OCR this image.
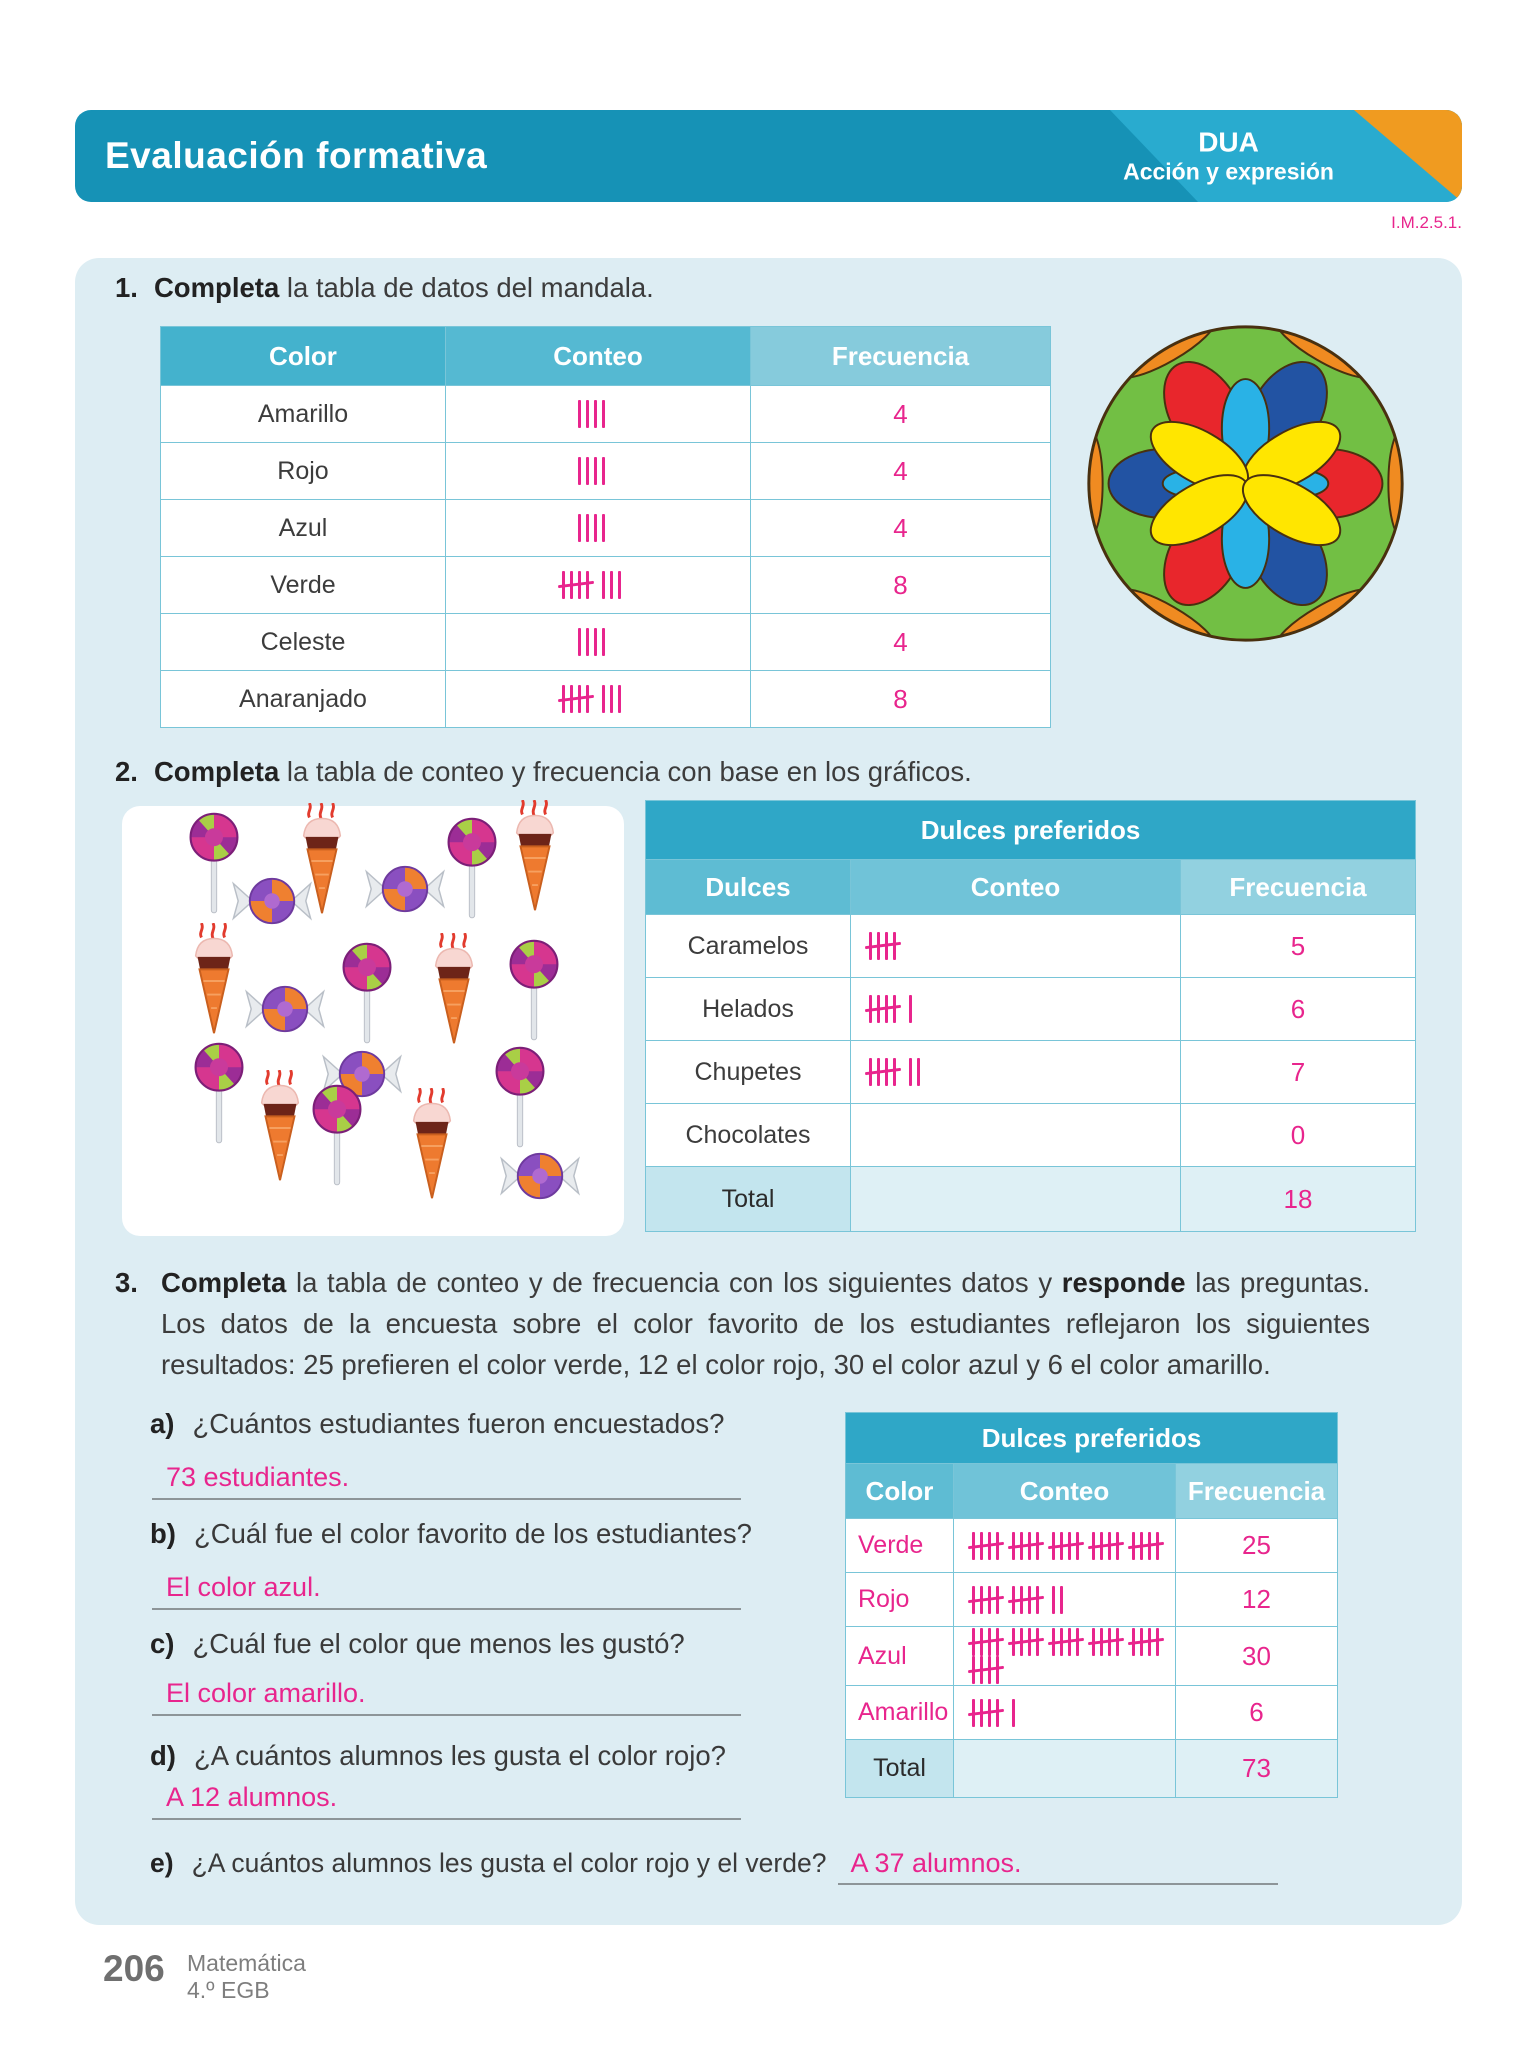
Evaluación formativa	DUA
Acción y expresión
I.M.2.5.1.
1. Completa la tabla de datos del mandala.
Color	Conteo	Frecuencia
Amarillo		4
Rojo		4
Azul		4
Verde		8
Celeste		4
Anaranjado		8
2. Completa la tabla de conteo y frecuencia con base en los gráficos.
Dulces preferidos		
Dulces	Conteo	Frecuencia
Caramelos		5
Helados		6
Chupetes		7
Chocolates		0
Total		18
3. Completa la tabla de conteo y de frecuencia con los siguientes datos y responde las preguntas. Los datos de la encuesta sobre el color favorito de los estudiantes reflejaron los siguientes resultados: 25 prefieren el color verde, 12 el color rojo, 30 el color azul y 6 el color amarillo.
a) ¿Cuántos estudiantes fueron encuestados?
73 estudiantes.
b) ¿Cuál fue el color favorito de los estudiantes?
El color azul.
c) ¿Cuál fue el color que menos les gustó?
El color amarillo.
d) ¿A cuántos alumnos les gusta el color rojo?
A 12 alumnos.
e) ¿A cuántos alumnos les gusta el color rojo y el verde? A 37 alumnos.
Dulces preferidos		
Color	Conteo	Frecuencia
Verde		25
Rojo		12
Azul		30
Amarillo		6
Total		73
206 Matemática
4.º EGB
